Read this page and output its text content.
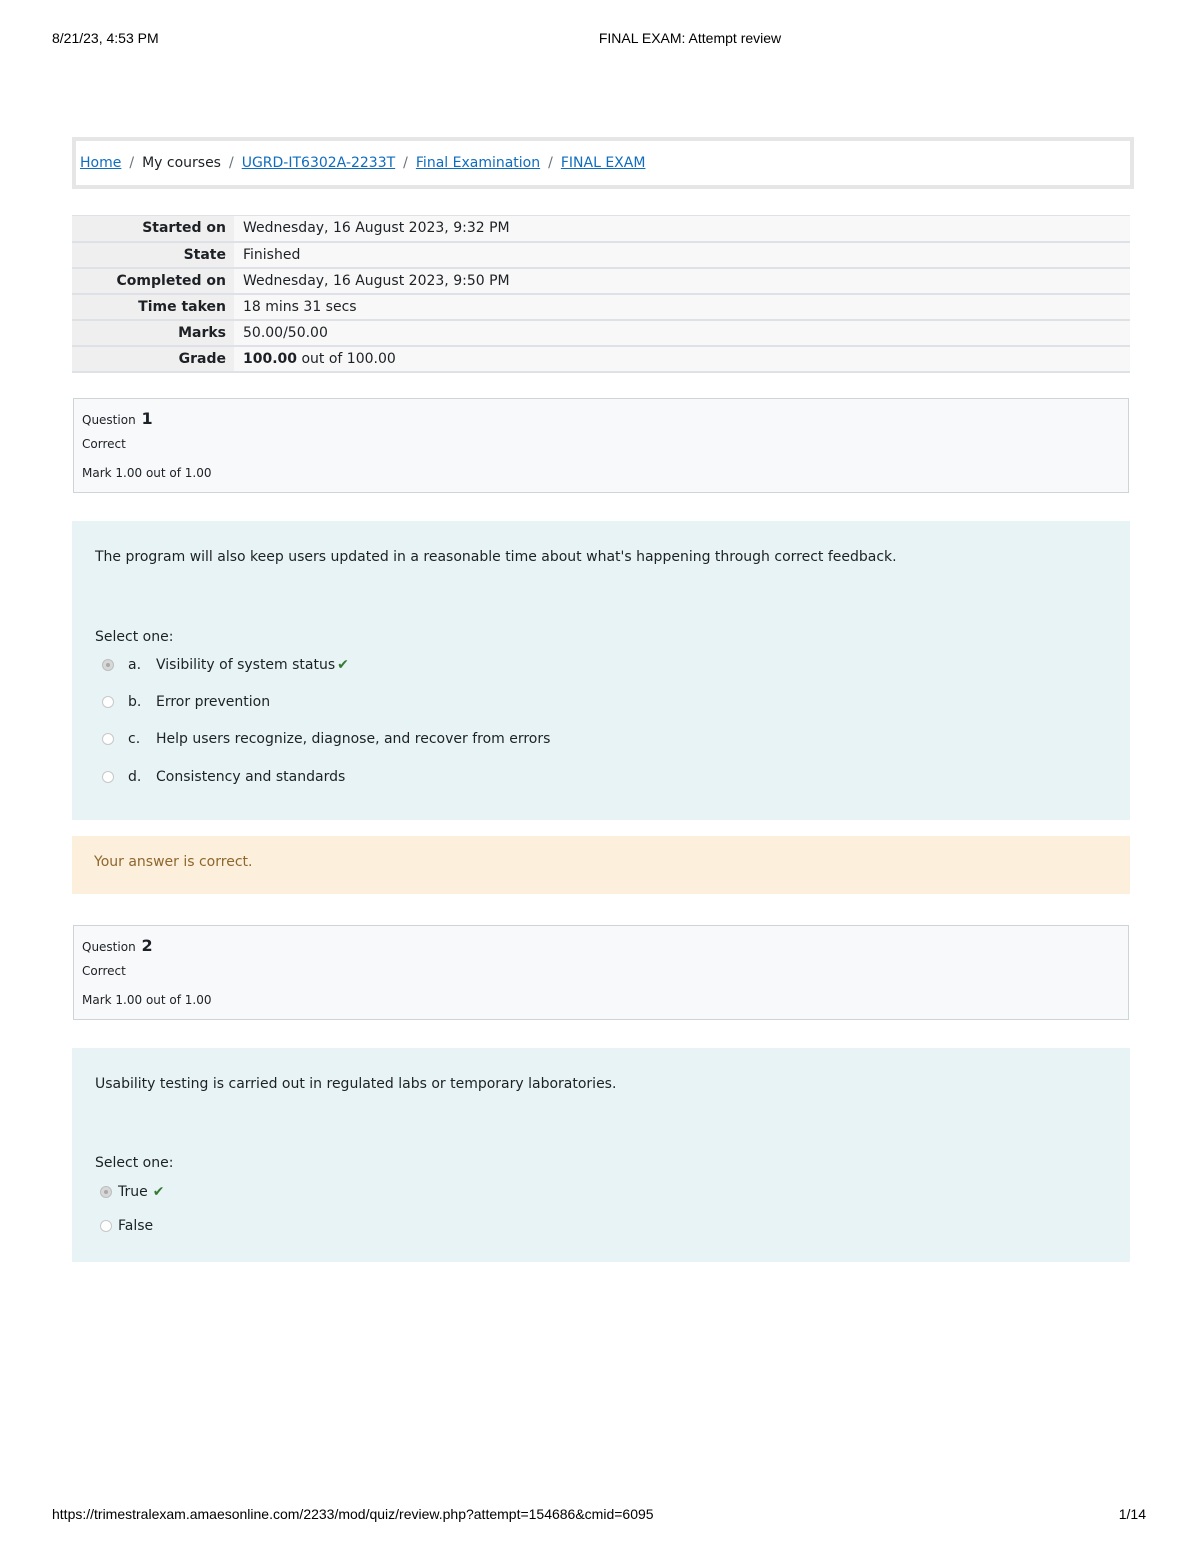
8/21/23, 4:53 PM	FINAL EXAM: Attempt review
Home / My courses / UGRD-IT6302A-2233T / Final Examination / FINAL EXAM
Started on	Wednesday, 16 August 2023, 9:32 PM
State	Finished
Completed on	Wednesday, 16 August 2023, 9:50 PM
Time taken	18 mins 31 secs
Marks	50.00/50.00
Grade	100.00 out of 100.00
Question 1
Correct
Mark 1.00 out of 1.00
The program will also keep users updated in a reasonable time about what's happening through correct feedback.
Select one:
a.	Visibility of system status ✔
b.	Error prevention
c.	Help users recognize, diagnose, and recover from errors
d.	Consistency and standards
Your answer is correct.
Question 2
Correct
Mark 1.00 out of 1.00
Usability testing is carried out in regulated labs or temporary laboratories.
Select one:
True ✔
False
https://trimestralexam.amaesonline.com/2233/mod/quiz/review.php?attempt=154686&cmid=6095	1/14
